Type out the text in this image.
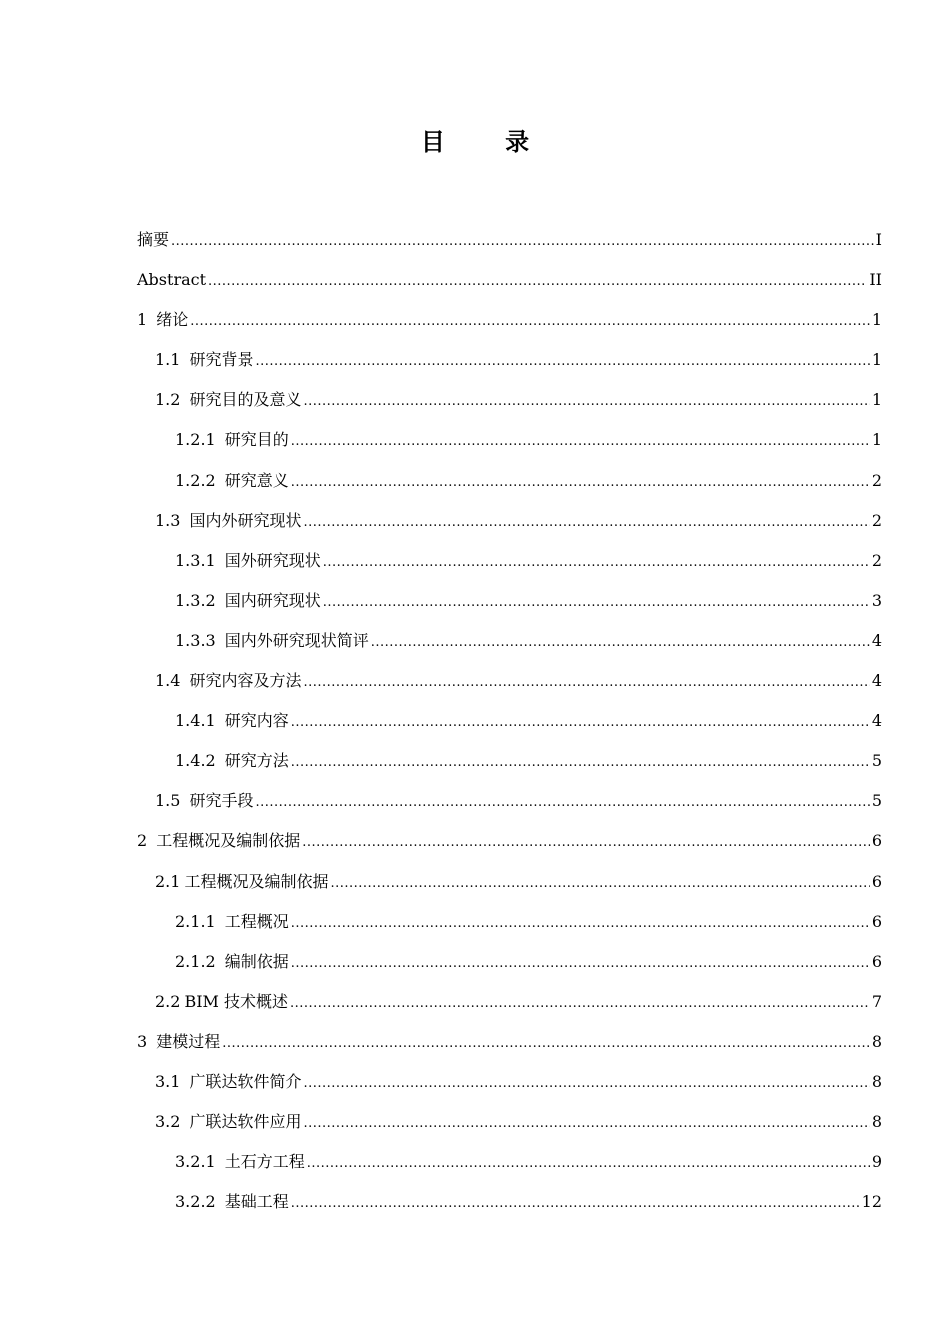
目 录
摘要 .....	I
Abstract .....	II
1 绪论 .....	1
1.1 研究背景 .....	1
1.2 研究目的及意义 .....	1
1.2.1 研究目的 .....	1
1.2.2 研究意义 .....	2
1.3 国内外研究现状 .....	2
1.3.1 国外研究现状 .....	2
1.3.2 国内研究现状 .....	3
1.3.3 国内外研究现状简评 .....	4
1.4 研究内容及方法 .....	4
1.4.1 研究内容 .....	4
1.4.2 研究方法 .....	5
1.5 研究手段 .....	5
2 工程概况及编制依据 .....	6
2.1 工程概况及编制依据 .....	6
2.1.1 工程概况 .....	6
2.1.2 编制依据 .....	6
2.2 BIM 技术概述 .....	7
3 建模过程 .....	8
3.1 广联达软件简介 .....	8
3.2 广联达软件应用 .....	8
3.2.1 土石方工程 .....	9
3.2.2 基础工程 .....	12
